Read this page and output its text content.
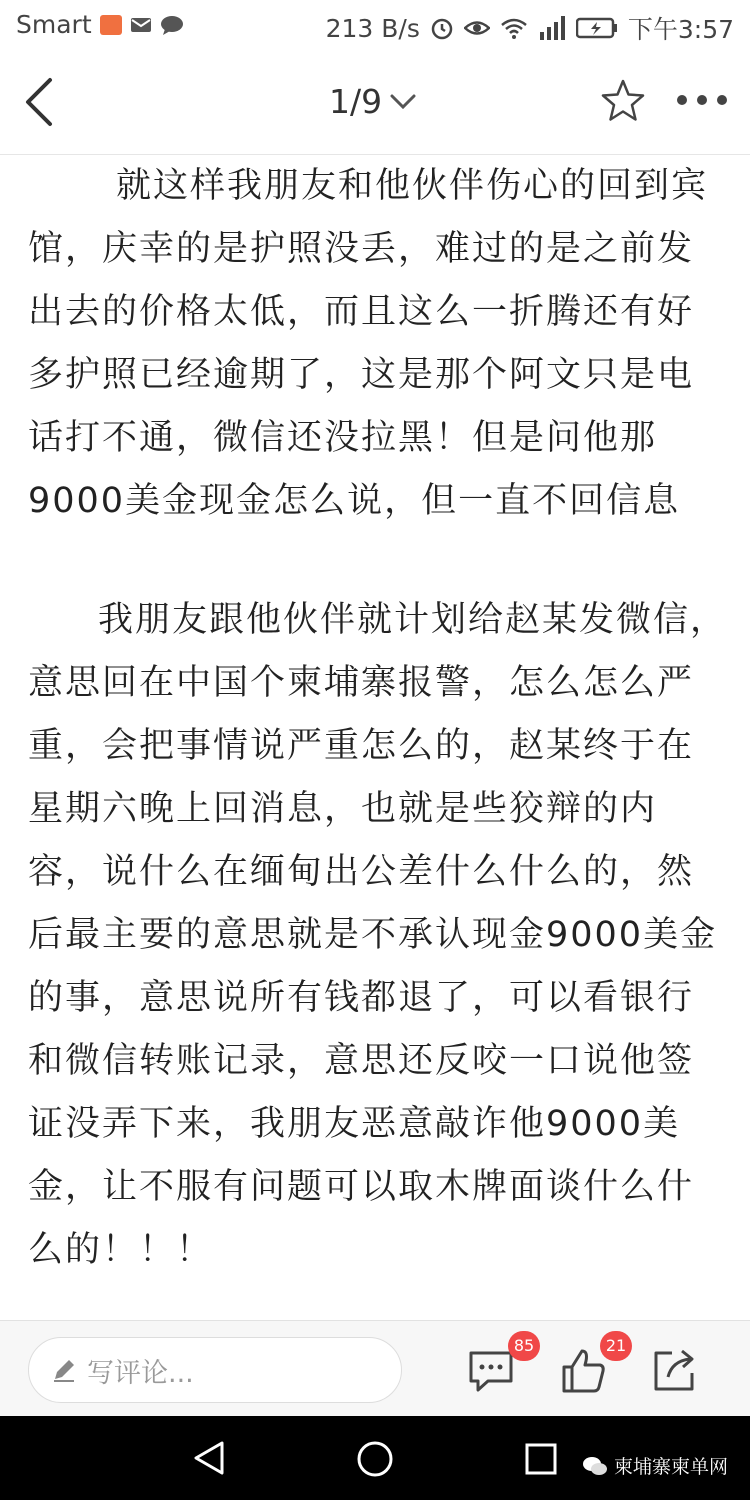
Smart	213 B/s	下午3:57
1/9

就这样我朋友和他伙伴伤心的回到宾馆，庆幸的是护照没丢，难过的是之前发出去的价格太低，而且这么一折腾还有好多护照已经逾期了，这是那个阿文只是电话打不通，微信还没拉黑！但是问他那9000美金现金怎么说，但一直不回信息

我朋友跟他伙伴就计划给赵某发微信，意思回在中国个柬埔寨报警，怎么怎么严重，会把事情说严重怎么的，赵某终于在星期六晚上回消息，也就是些狡辩的内容，说什么在缅甸出公差什么什么的，然后最主要的意思就是不承认现金9000美金的事，意思说所有钱都退了，可以看银行和微信转账记录，意思还反咬一口说他签证没弄下来，我朋友恶意敲诈他9000美金，让不服有问题可以取木牌面谈什么什么的！！！

写评论...
85	21
柬埔寨柬单网
